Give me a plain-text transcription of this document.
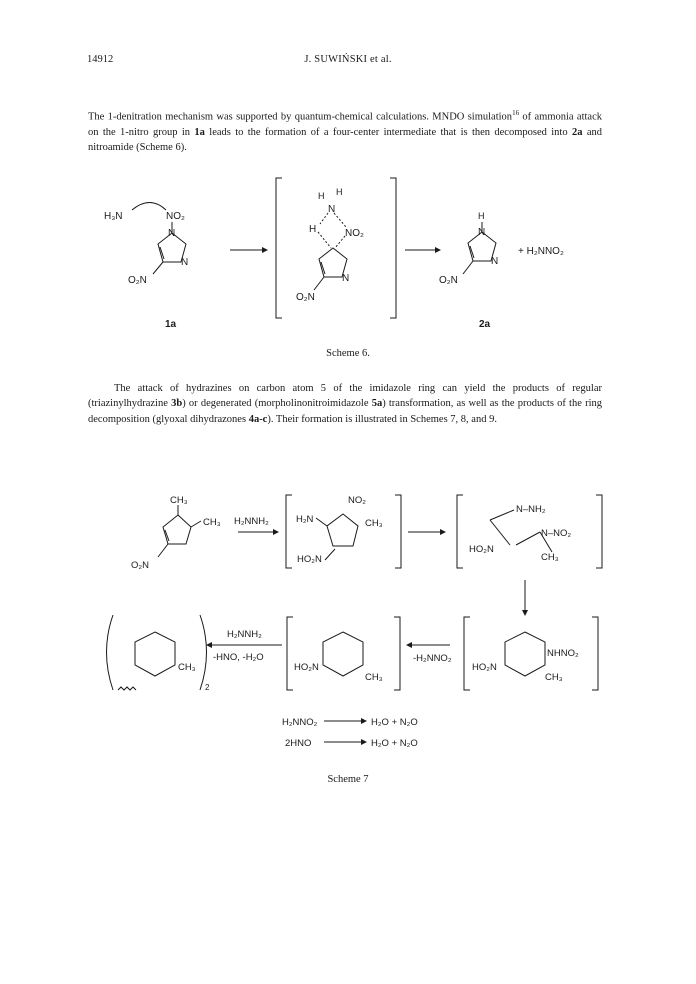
14912	J. SUWIŃSKI et al.
The 1-denitration mechanism was supported by quantum-chemical calculations. MNDO simulation$^{16}$ of ammonia attack on the 1-nitro group in 1a leads to the formation of a four-center intermediate that is then decomposed into 2a and nitroamide (Scheme 6).
H₃N	NO₂
N
N
O₂N
1a
H H
N
H	NO₂
N
O₂N
H
N
N
O₂N
+ H₂NNO₂
2a
Scheme 6.
The attack of hydrazines on carbon atom 5 of the imidazole ring can yield the products of regular (triazinylhydrazine 3b) or degenerated (morpholinonitroimidazole 5a) transformation, as well as the products of the ring decomposition (glyoxal dihydrazones 4a-c). Their formation is illustrated in Schemes 7, 8, and 9.
CH₃
CH₃
O₂N
H₂NNH₂	H₂N
NO₂
CH₃
HO₂N
N–NH₂
N–NO₂
HO₂N
CH₃
NHNO₂
HO₂N
CH₃
-H₂NNO₂
HO₂N
CH₃
H₂NNH₂
-HNO, -H₂O
CH₃
2
H₂NNO₂	H₂O + N₂O
2HNO	H₂O + N₂O
Scheme 7
